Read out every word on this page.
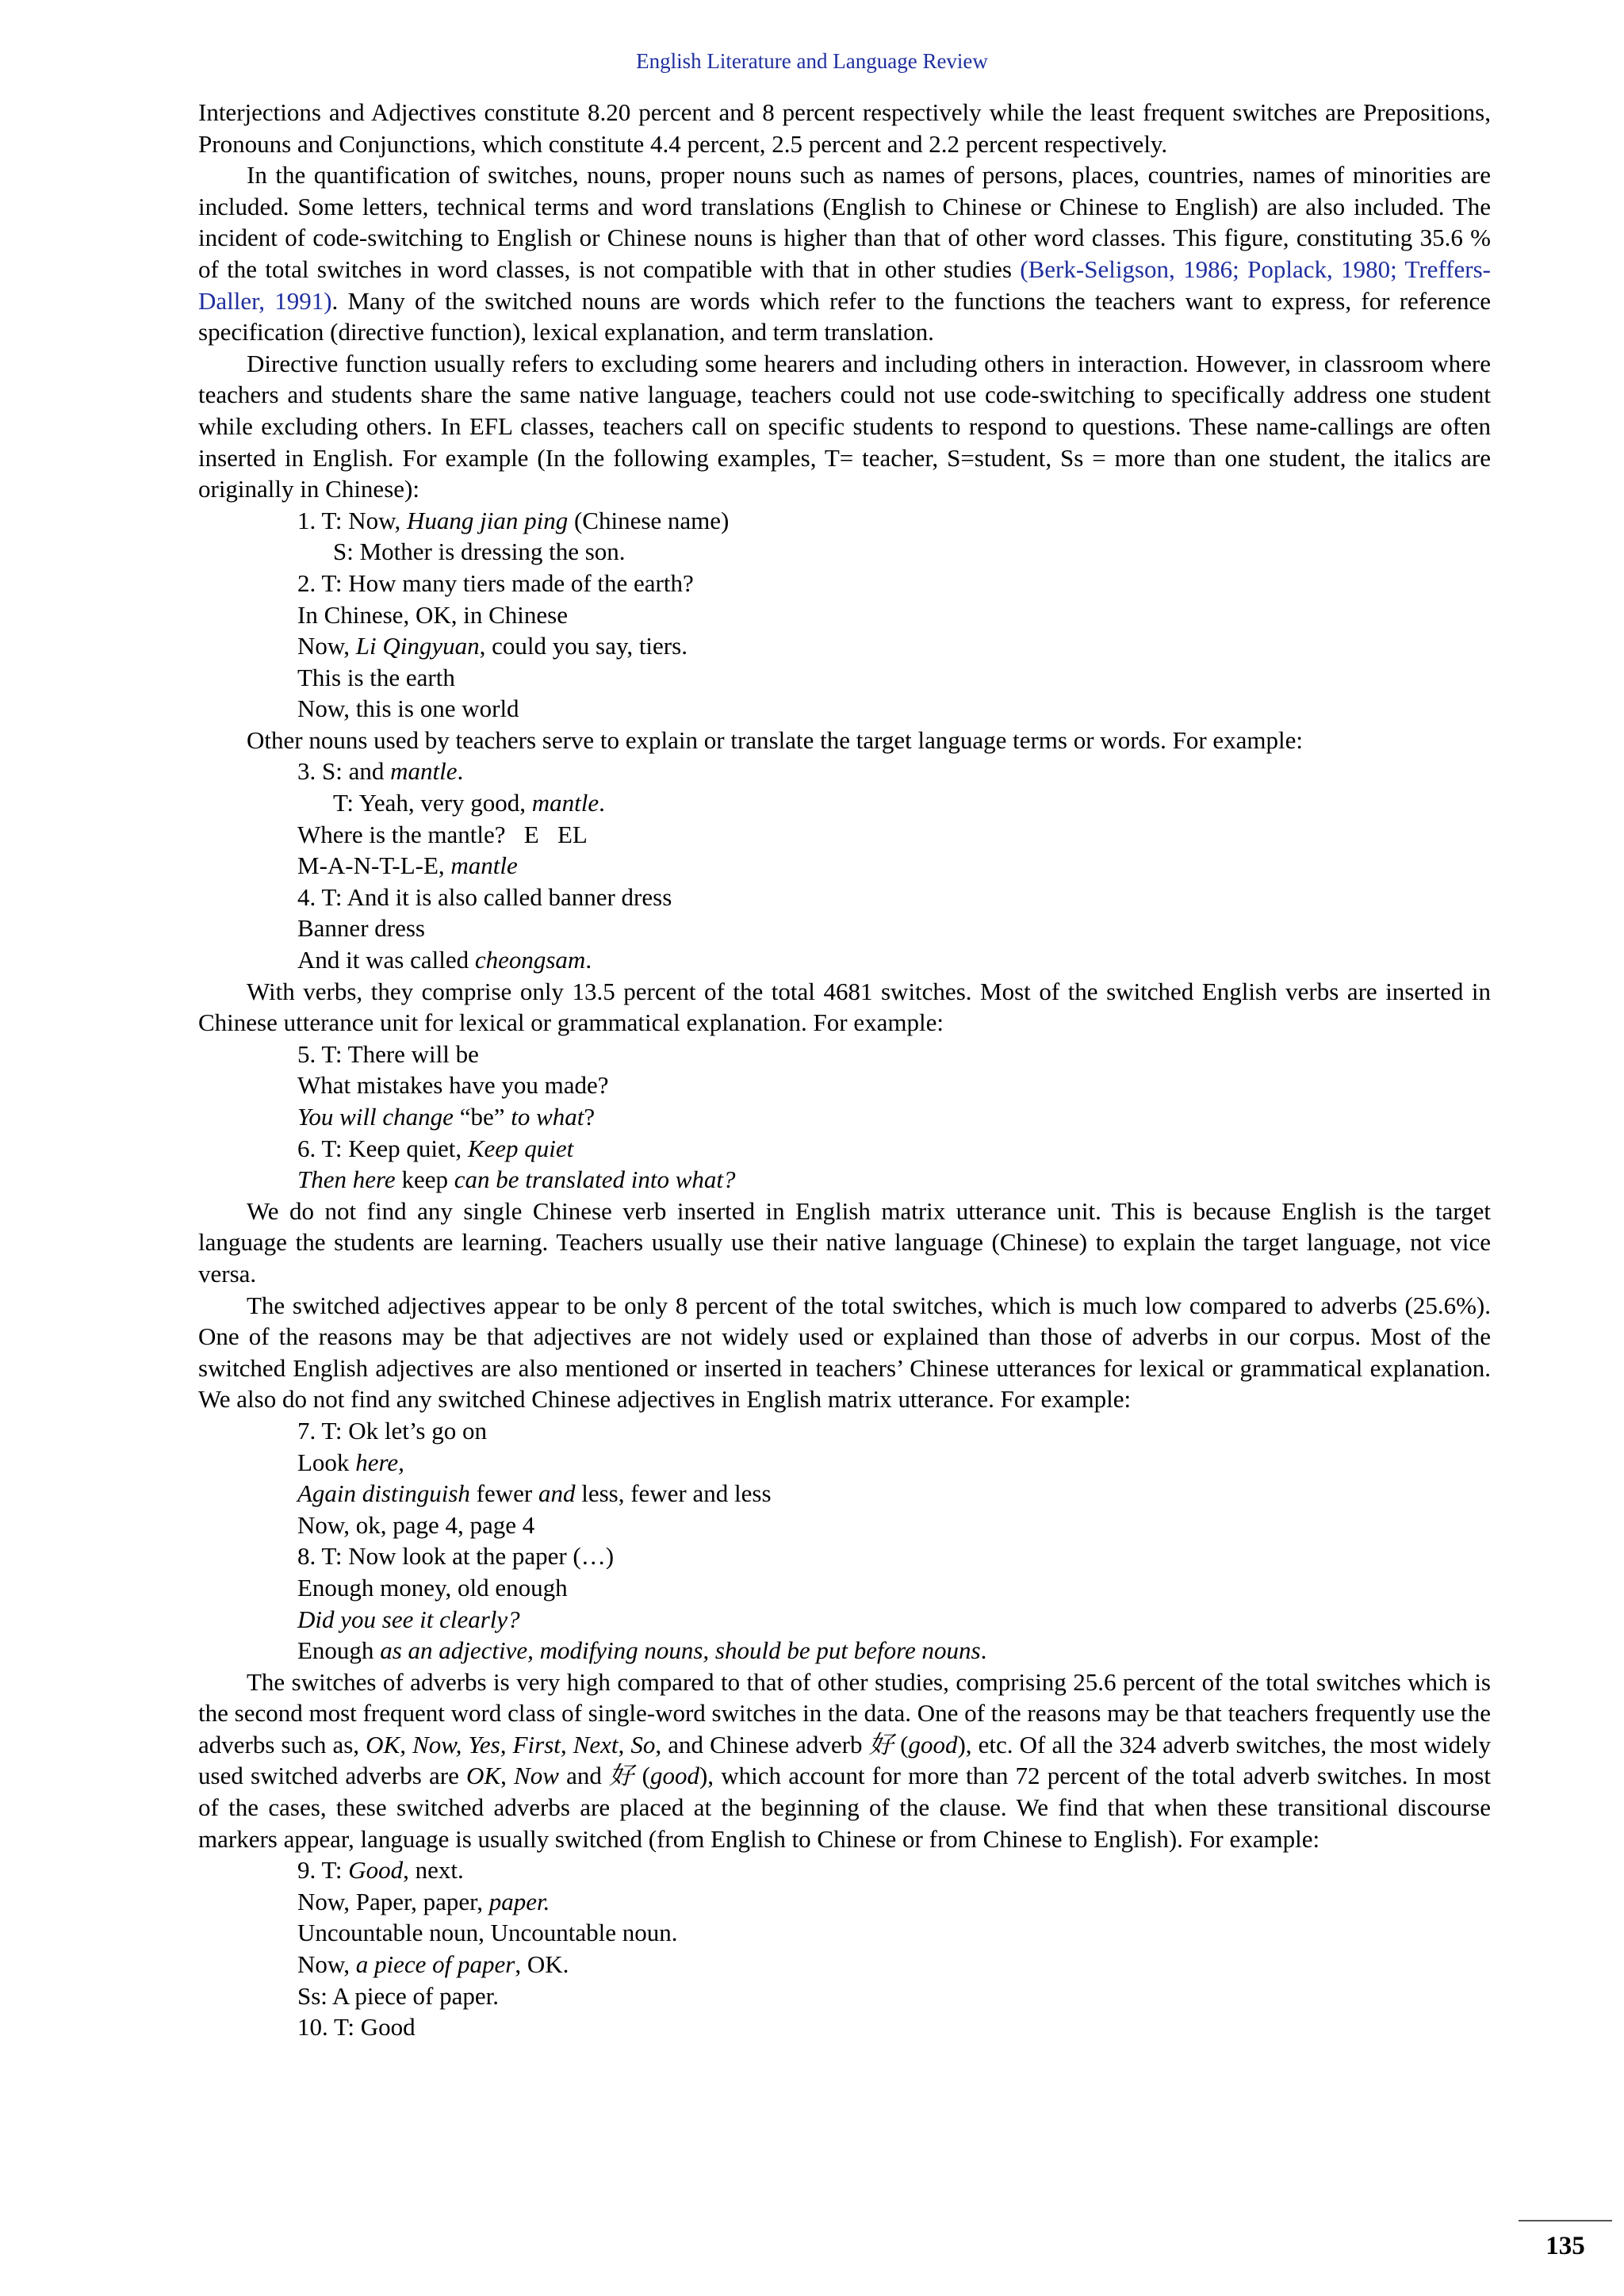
English Literature and Language Review

Interjections and Adjectives constitute 8.20 percent and 8 percent respectively while the least frequent switches are Prepositions, Pronouns and Conjunctions, which constitute 4.4 percent, 2.5 percent and 2.2 percent respectively.

In the quantification of switches, nouns, proper nouns such as names of persons, places, countries, names of minorities are included. Some letters, technical terms and word translations (English to Chinese or Chinese to English) are also included. The incident of code-switching to English or Chinese nouns is higher than that of other word classes. This figure, constituting 35.6 % of the total switches in word classes, is not compatible with that in other studies (Berk-Seligson, 1986; Poplack, 1980; Treffers-Daller, 1991). Many of the switched nouns are words which refer to the functions the teachers want to express, for reference specification (directive function), lexical explanation, and term translation.

Directive function usually refers to excluding some hearers and including others in interaction. However, in classroom where teachers and students share the same native language, teachers could not use code-switching to specifically address one student while excluding others. In EFL classes, teachers call on specific students to respond to questions. These name-callings are often inserted in English. For example (In the following examples, T= teacher, S=student, Ss = more than one student, the italics are originally in Chinese):

1. T: Now, Huang jian ping (Chinese name)

S: Mother is dressing the son.

2. T: How many tiers made of the earth?

In Chinese, OK, in Chinese

Now, Li Qingyuan, could you say, tiers.

This is the earth

Now, this is one world

Other nouns used by teachers serve to explain or translate the target language terms or words. For example:

3. S: and mantle.

T: Yeah, very good, mantle.

Where is the mantle?   E   EL

M-A-N-T-L-E, mantle

4. T: And it is also called banner dress

Banner dress

And it was called cheongsam.

With verbs, they comprise only 13.5 percent of the total 4681 switches. Most of the switched English verbs are inserted in Chinese utterance unit for lexical or grammatical explanation. For example:

5. T: There will be

What mistakes have you made?

You will change “be” to what?

6. T: Keep quiet, Keep quiet

Then here keep can be translated into what?

We do not find any single Chinese verb inserted in English matrix utterance unit. This is because English is the target language the students are learning. Teachers usually use their native language (Chinese) to explain the target language, not vice versa.

The switched adjectives appear to be only 8 percent of the total switches, which is much low compared to adverbs (25.6%). One of the reasons may be that adjectives are not widely used or explained than those of adverbs in our corpus. Most of the switched English adjectives are also mentioned or inserted in teachers’ Chinese utterances for lexical or grammatical explanation. We also do not find any switched Chinese adjectives in English matrix utterance. For example:

7. T: Ok let’s go on

Look here,

Again distinguish fewer and less, fewer and less

Now, ok, page 4, page 4

8. T: Now look at the paper (…)

Enough money, old enough

Did you see it clearly?

Enough as an adjective, modifying nouns, should be put before nouns.

The switches of adverbs is very high compared to that of other studies, comprising 25.6 percent of the total switches which is the second most frequent word class of single-word switches in the data. One of the reasons may be that teachers frequently use the adverbs such as, OK, Now, Yes, First, Next, So, and Chinese adverb 好 (good), etc. Of all the 324 adverb switches, the most widely used switched adverbs are OK, Now and 好 (good), which account for more than 72 percent of the total adverb switches. In most of the cases, these switched adverbs are placed at the beginning of the clause. We find that when these transitional discourse markers appear, language is usually switched (from English to Chinese or from Chinese to English). For example:

9. T: Good, next.

Now, Paper, paper, paper.

Uncountable noun, Uncountable noun.

Now, a piece of paper, OK.

Ss: A piece of paper.

10. T: Good

135
